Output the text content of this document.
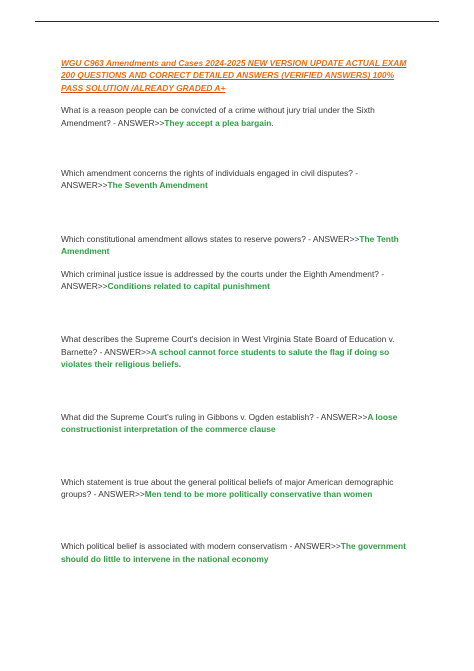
WGU C963 Amendments and Cases 2024-2025 NEW VERSION UPDATE ACTUAL EXAM 200 QUESTIONS AND CORRECT DETAILED ANSWERS (VERIFIED ANSWERS) 100% PASS SOLUTION /ALREADY GRADED A+

What is a reason people can be convicted of a crime without jury trial under the Sixth Amendment? - ANSWER>>They accept a plea bargain.

Which amendment concerns the rights of individuals engaged in civil disputes? - ANSWER>>The Seventh Amendment

Which constitutional amendment allows states to reserve powers? - ANSWER>>The Tenth Amendment

Which criminal justice issue is addressed by the courts under the Eighth Amendment? - ANSWER>>Conditions related to capital punishment

What describes the Supreme Court's decision in West Virginia State Board of Education v. Barnette? - ANSWER>>A school cannot force students to salute the flag if doing so violates their religious beliefs.

What did the Supreme Court's ruling in Gibbons v. Ogden establish? - ANSWER>>A loose constructionist interpretation of the commerce clause

Which statement is true about the general political beliefs of major American demographic groups? - ANSWER>>Men tend to be more politically conservative than women

Which political belief is associated with modern conservatism - ANSWER>>The government should do little to intervene in the national economy
